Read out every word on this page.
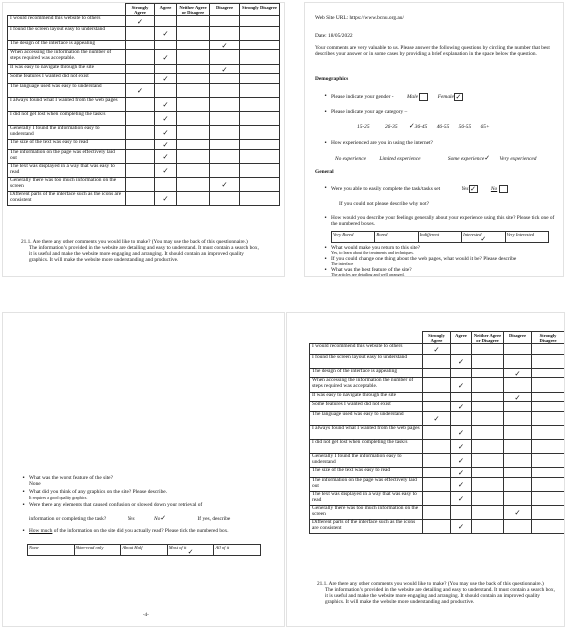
	Strongly Agree	Agree	Neither Agree or Disagree	Disagree	Strongly Disagree
I would recommend this website to others	✓				
I found the screen layout easy to understand		✓			
The design of the interface is appealing				✓	
When accessing the information the number of steps required was acceptable.		✓			
It was easy to navigate through the site				✓	
Some features I wanted did not exist		✓			
The language used was easy to understand	✓				
I always found what I wanted from the web pages		✓			
I did not get lost when completing the task/s		✓			
Generally I found the information easy to understand		✓			
The size of the text was easy to read		✓			
The information on the page was effectively laid out		✓			
The text was displayed in a way that was easy to read		✓			
Generally there was too much information on the screen				✓	
Different parts of the interface such as the icons are consistent		✓			

21.1. Are there any other comments you would like to make? (You may use the back of this questionnaire.)

The information’s provided in the website are detailing and easy to understand. It must contain a search box, it is useful and make the website more engaging and arranging. It should contain an improved quality graphics. It will make the website more understanding and productive.

Web Site URL: https://www.bcnu.org.au/
Date: 18/05/2022
Your comments are very valuable to us. Please answer the following questions by circling the number that best describes your answer or in some cases by providing a brief explanation in the space below the question.
Demographics
• Please indicate your gender - Male	Female ✓
• Please indicate your age category –
15-25	26-35 ✓36-45 46-55 56-55 65+
• How experienced are you in using the internet?
No experience Limited experience	Some experience✓ Very experienced
General
• Were you able to easily complete the task/tasks set	Yes ✓	No
If you could not please describe why not?
• How would you describe your feelings generally about your experience using this site? Please tick one of the numbered boxes.
Very Bored	Bored	Indifferent	Interested
✓
	Very Interested
• What would make you return to this site?
Yes, to learn about the treatments and techniques.
• If you could change one thing about the web pages, what would it be? Please describe
The interface
• What was the best feature of the site?
The articles are detailing and well arranged.
• What was the worst feature of the site?
None
• What did you think of any graphics on the site? Please describe.
It requires a good quality graphics.
• Were there any elements that caused confusion or slowed down your retrieval of
information or completing the task?	Yes	No✓	If yes, describe
• How much of the information on the site did you actually read? Please tick the numbered box.
None	Skim-read only	About Half	Most of it
✓
	All of it
-4-
	Strongly Agree	Agree	Neither Agree or Disagree	Disagree	Strongly Disagree
I would recommend this website to others	✓				
I found the screen layout easy to understand		✓			
The design of the interface is appealing				✓	
When accessing the information the number of steps required was acceptable.		✓			
It was easy to navigate through the site				✓	
Some features I wanted did not exist		✓			
The language used was easy to understand	✓				
I always found what I wanted from the web pages		✓			
I did not get lost when completing the task/s		✓			
Generally I found the information easy to understand		✓			
The size of the text was easy to read		✓			
The information on the page was effectively laid out		✓			
The text was displayed in a way that was easy to read		✓			
Generally there was too much information on the screen				✓	
Different parts of the interface such as the icons are consistent		✓			

21.1. Are there any other comments you would like to make? (You may use the back of this questionnaire.)

The information’s provided in the website are detailing and easy to understand. It must contain a search box, it is useful and make the website more engaging and arranging. It should contain an improved quality graphics. It will make the website more understanding and productive.
